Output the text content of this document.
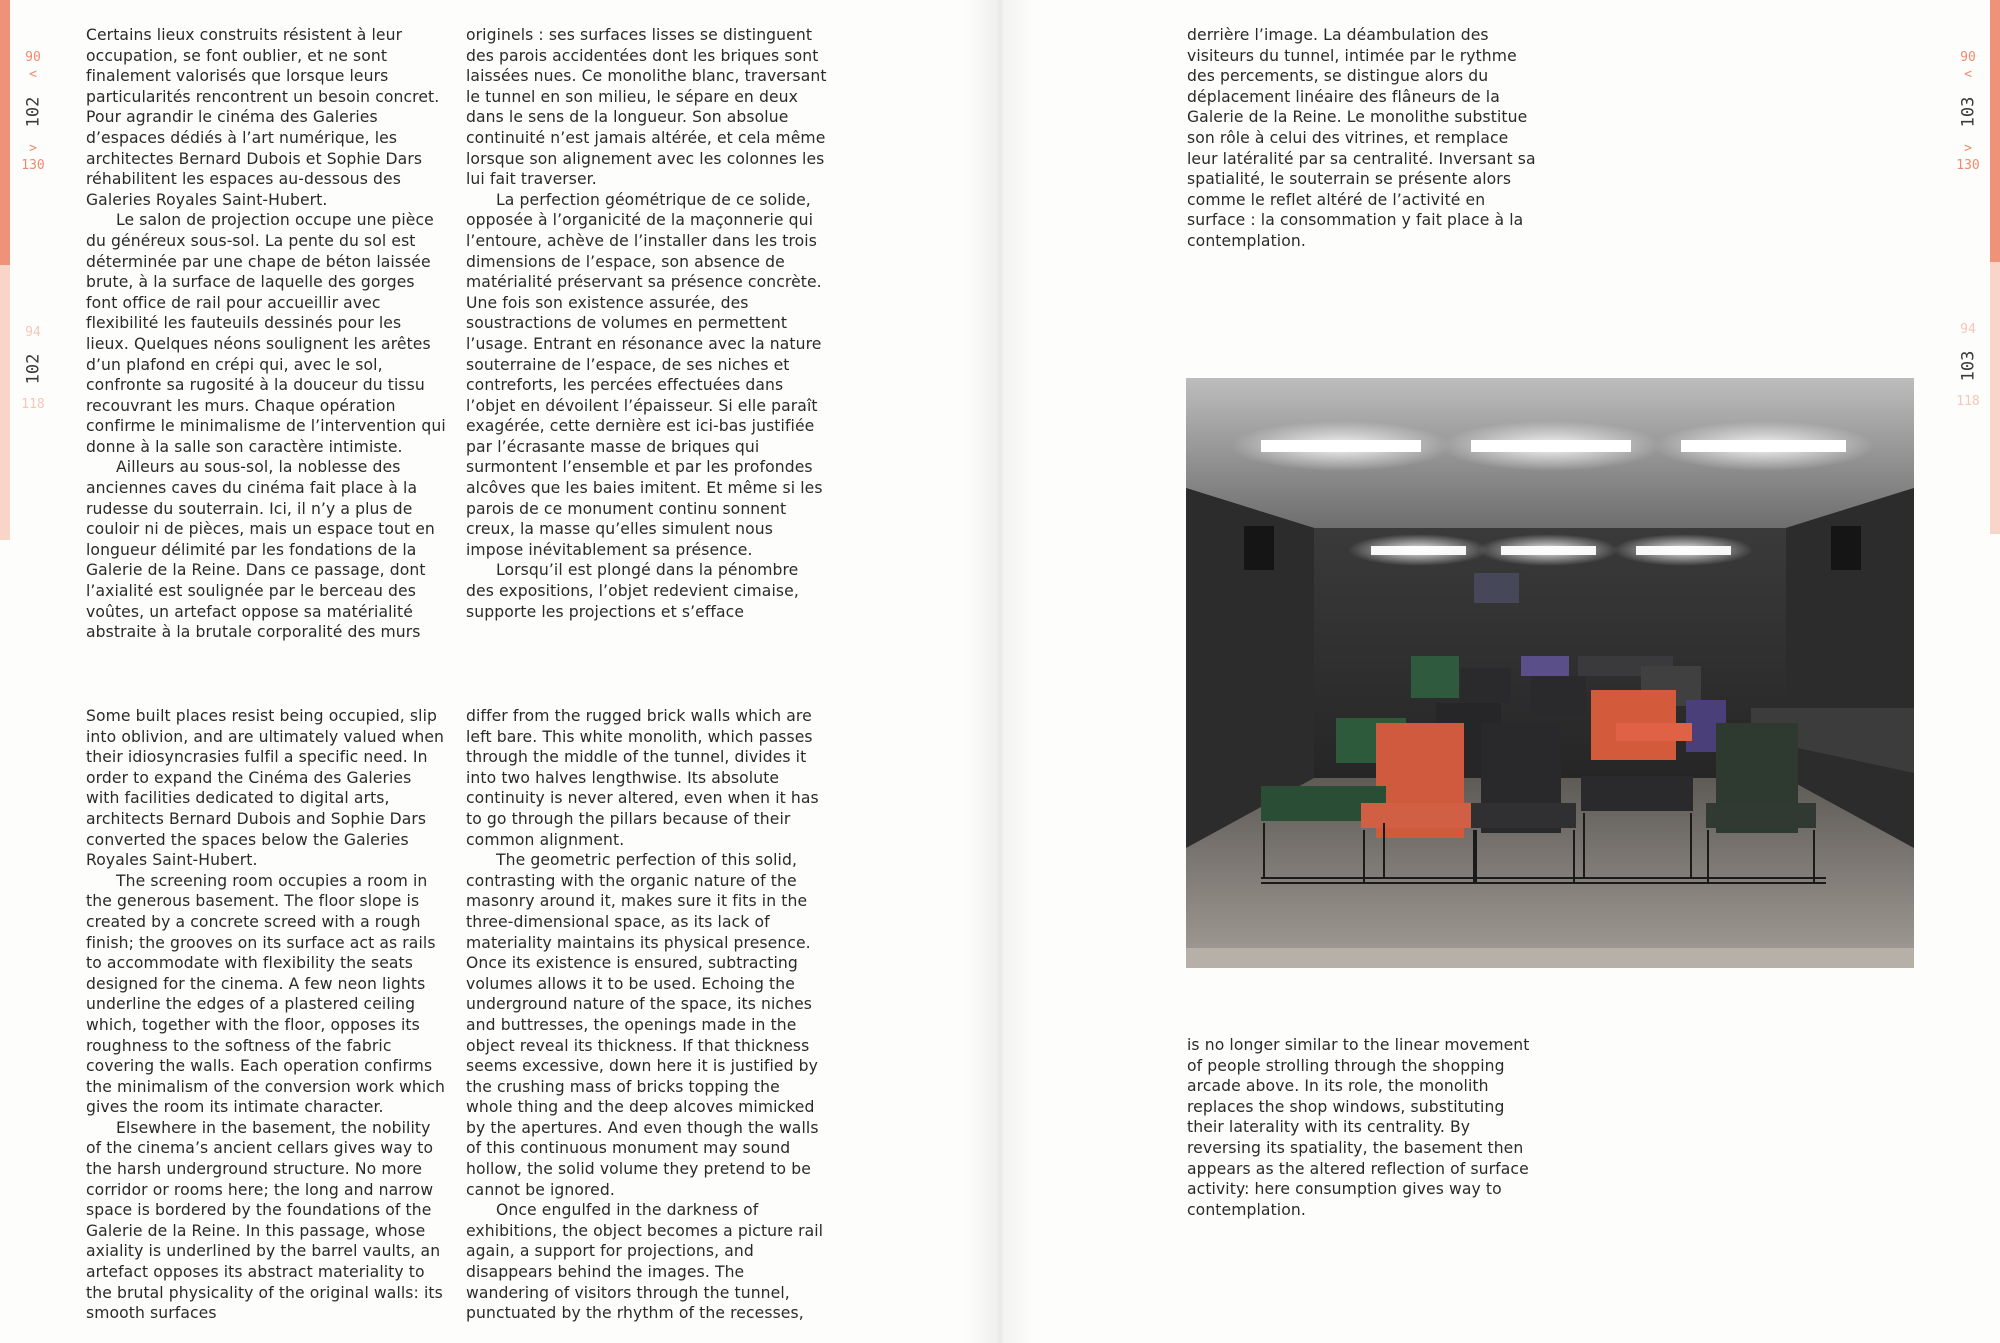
90
<
102
>
130
94
102
118
90
<
103
>
130
94
103
118

Certains lieux construits résistent à leur occupation, se font oublier, et ne sont finalement valorisés que lorsque leurs particularités rencontrent un besoin concret. Pour agrandir le cinéma des Galeries d’espaces dédiés à l’art numérique, les architectes Bernard Dubois et Sophie Dars réhabilitent les espaces au-dessous des Galeries Royales Saint-Hubert.

Le salon de projection occupe une pièce du généreux sous-sol. La pente du sol est déterminée par une chape de béton laissée brute, à la surface de laquelle des gorges font office de rail pour accueillir avec flexibilité les fauteuils dessinés pour les lieux. Quelques néons soulignent les arêtes d’un plafond en crépi qui, avec le sol, confronte sa rugosité à la douceur du tissu recouvrant les murs. Chaque opération confirme le minimalisme de l’intervention qui donne à la salle son caractère intimiste.

Ailleurs au sous-sol, la noblesse des anciennes caves du cinéma fait place à la rudesse du souterrain. Ici, il n’y a plus de couloir ni de pièces, mais un espace tout en longueur délimité par les fondations de la Galerie de la Reine. Dans ce passage, dont l’axialité est soulignée par le berceau des voûtes, un artefact oppose sa matérialité abstraite à la brutale corporalité des murs

originels : ses surfaces lisses se distinguent des parois accidentées dont les briques sont laissées nues. Ce monolithe blanc, traversant le tunnel en son milieu, le sépare en deux dans le sens de la longueur. Son absolue continuité n’est jamais altérée, et cela même lorsque son alignement avec les colonnes les lui fait traverser.

La perfection géométrique de ce solide, opposée à l’organicité de la maçonnerie qui l’entoure, achève de l’installer dans les trois dimensions de l’espace, son absence de matérialité préservant sa présence concrète. Une fois son existence assurée, des soustractions de volumes en permettent l’usage. Entrant en résonance avec la nature souterraine de l’espace, de ses niches et contreforts, les percées effectuées dans l’objet en dévoilent l’épaisseur. Si elle paraît exagérée, cette dernière est ici-bas justifiée par l’écrasante masse de briques qui surmontent l’ensemble et par les profondes alcôves que les baies imitent. Et même si les parois de ce monument continu sonnent creux, la masse qu’elles simulent nous impose inévitablement sa présence.

Lorsqu’il est plongé dans la pénombre des expositions, l’objet redevient cimaise, supporte les projections et s’efface

derrière l’image. La déambulation des visiteurs du tunnel, intimée par le rythme des percements, se distingue alors du déplacement linéaire des flâneurs de la Galerie de la Reine. Le monolithe substitue son rôle à celui des vitrines, et remplace leur latéralité par sa centralité. Inversant sa spatialité, le souterrain se présente alors comme le reflet altéré de l’activité en surface : la consommation y fait place à la contemplation.

Some built places resist being occupied, slip into oblivion, and are ultimately valued when their idiosyncrasies fulfil a specific need. In order to expand the Cinéma des Galeries with facilities dedicated to digital arts, architects Bernard Dubois and Sophie Dars converted the spaces below the Galeries Royales Saint-Hubert.

The screening room occupies a room in the generous basement. The floor slope is created by a concrete screed with a rough finish; the grooves on its surface act as rails to accommodate with flexibility the seats designed for the cinema. A few neon lights underline the edges of a plastered ceiling which, together with the floor, opposes its roughness to the softness of the fabric covering the walls. Each operation confirms the minimalism of the conversion work which gives the room its intimate character.

Elsewhere in the basement, the nobility of the cinema’s ancient cellars gives way to the harsh underground structure. No more corridor or rooms here; the long and narrow space is bordered by the foundations of the Galerie de la Reine. In this passage, whose axiality is underlined by the barrel vaults, an artefact opposes its abstract materiality to the brutal physicality of the original walls: its smooth surfaces

differ from the rugged brick walls which are left bare. This white monolith, which passes through the middle of the tunnel, divides it into two halves lengthwise. Its absolute continuity is never altered, even when it has to go through the pillars because of their common alignment.

The geometric perfection of this solid, contrasting with the organic nature of the masonry around it, makes sure it fits in the three-dimensional space, as its lack of materiality maintains its physical presence. Once its existence is ensured, subtracting volumes allows it to be used. Echoing the underground nature of the space, its niches and buttresses, the openings made in the object reveal its thickness. If that thickness seems excessive, down here it is justified by the crushing mass of bricks topping the whole thing and the deep alcoves mimicked by the apertures. And even though the walls of this continuous monument may sound hollow, the solid volume they pretend to be cannot be ignored.

Once engulfed in the darkness of exhibitions, the object becomes a picture rail again, a support for projections, and disappears behind the images. The wandering of visitors through the tunnel, punctuated by the rhythm of the recesses,

is no longer similar to the linear movement of people strolling through the shopping arcade above. In its role, the monolith replaces the shop windows, substituting their laterality with its centrality. By reversing its spatiality, the basement then appears as the altered reflection of surface activity: here consumption gives way to contemplation.
